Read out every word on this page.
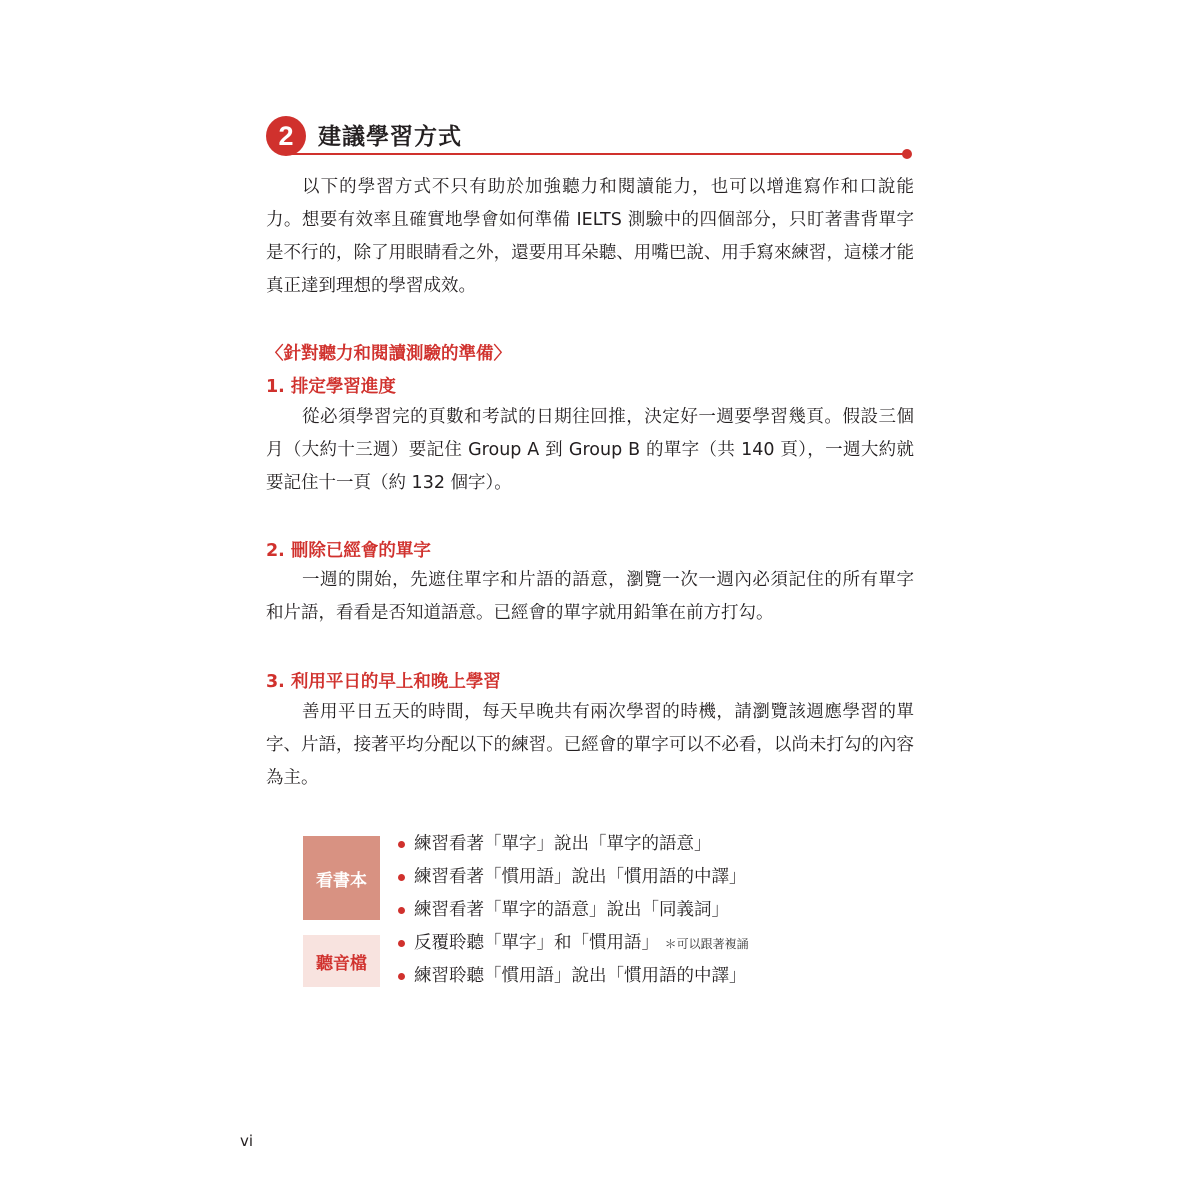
2	建議學習方式

以下的學習方式不只有助於加強聽力和閱讀能力，也可以增進寫作和口說能力。想要有效率且確實地學會如何準備 IELTS 測驗中的四個部分，只盯著書背單字是不行的，除了用眼睛看之外，還要用耳朵聽、用嘴巴說、用手寫來練習，這樣才能真正達到理想的學習成效。

〈針對聽力和閱讀測驗的準備〉

1. 排定學習進度

從必須學習完的頁數和考試的日期往回推，決定好一週要學習幾頁。假設三個月（大約十三週）要記住 Group A 到 Group B 的單字（共 140 頁），一週大約就要記住十一頁（約 132 個字）。

2. 刪除已經會的單字

一週的開始，先遮住單字和片語的語意，瀏覽一次一週內必須記住的所有單字和片語，看看是否知道語意。已經會的單字就用鉛筆在前方打勾。

3. 利用平日的早上和晚上學習

善用平日五天的時間，每天早晚共有兩次學習的時機，請瀏覽該週應學習的單字、片語，接著平均分配以下的練習。已經會的單字可以不必看，以尚未打勾的內容為主。

看書本
聽音檔
練習看著「單字」說出「單字的語意」
練習看著「慣用語」說出「慣用語的中譯」
練習看著「單字的語意」說出「同義詞」
反覆聆聽「單字」和「慣用語」 ＊可以跟著複誦
練習聆聽「慣用語」說出「慣用語的中譯」
vi
